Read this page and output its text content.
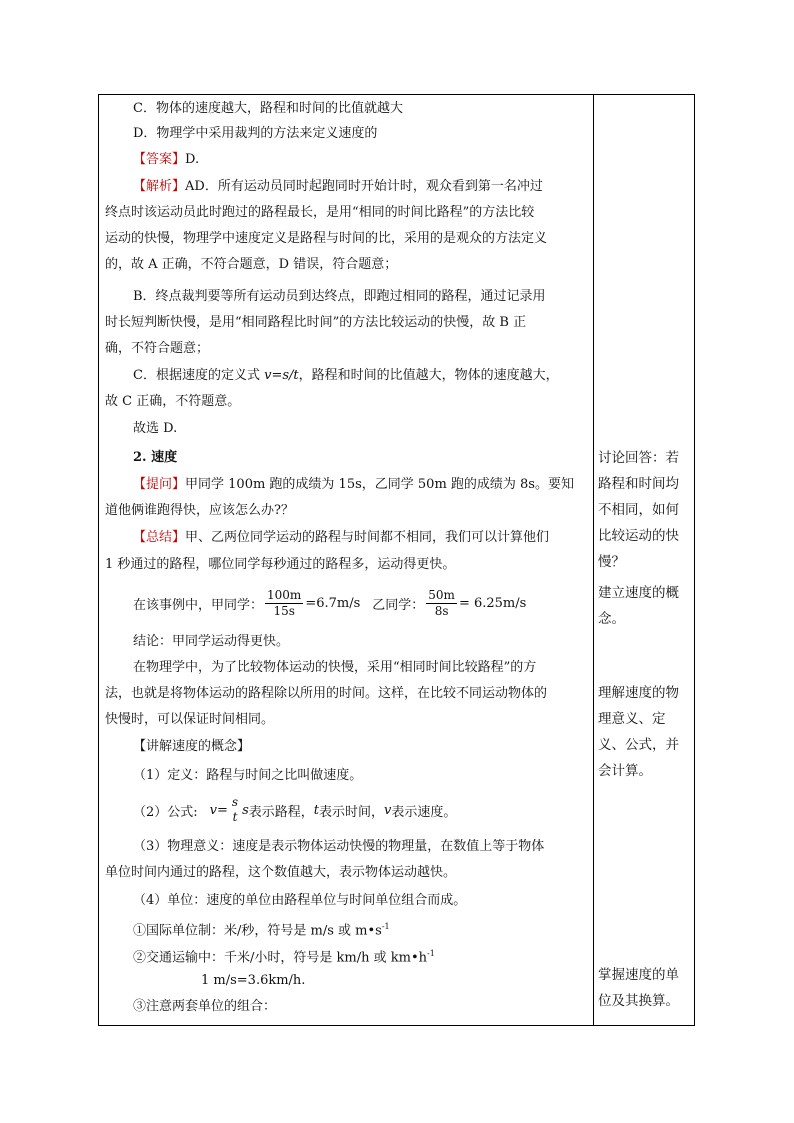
C．物体的速度越大，路程和时间的比值就越大
D．物理学中采用裁判的方法来定义速度的
【答案】D.
【解析】AD．所有运动员同时起跑同时开始计时，观众看到第一名冲过
终点时该运动员此时跑过的路程最长，是用“相同的时间比路程”的方法比较
运动的快慢，物理学中速度定义是路程与时间的比，采用的是观众的方法定义
的，故 A 正确，不符合题意，D 错误，符合题意；
B．终点裁判要等所有运动员到达终点，即跑过相同的路程，通过记录用
时长短判断快慢，是用“相同路程比时间”的方法比较运动的快慢，故 B 正
确，不符合题意；
C．根据速度的定义式 v=s/t，路程和时间的比值越大，物体的速度越大，
故 C 正确，不符题意。
故选 D.
2. 速度
【提问】甲同学 100m 跑的成绩为 15s，乙同学 50m 跑的成绩为 8s。要知
道他俩谁跑得快，应该怎么办?？
【总结】甲、乙两位同学运动的路程与时间都不相同，我们可以计算他们
1 秒通过的路程，哪位同学每秒通过的路程多，运动得更快。
在该事例中，甲同学： $\frac{100m}{15s} =6.7m/s$ 乙同学： $\frac{50m}{8s} = 6.25m/s$
结论：甲同学运动得更快。
在物理学中，为了比较物体运动的快慢，采用“相同时间比较路程”的方
法，也就是将物体运动的路程除以所用的时间。这样，在比较不同运动物体的
快慢时，可以保证时间相同。
【讲解速度的概念】
（1）定义：路程与时间之比叫做速度。
（2）公式: v=
s
t s 表示路程， t 表示时间， v 表示速度。
（3）物理意义：速度是表示物体运动快慢的物理量，在数值上等于物体
单位时间内通过的路程，这个数值越大，表示物体运动越快。
（4）单位：速度的单位由路程单位与时间单位组合而成。
①国际单位制：米/秒，符号是 m/s 或 $m•s^{-1}$
②交通运输中：千米/小时，符号是 km/h 或 $km•h^{-1}$
1 m/s=3.6km/h.
③注意两套单位的组合：
讨论回答：若
路程和时间均
不相同，如何
比较运动的快
慢？
建立速度的概
念。
理解速度的物
理意义、定
义、公式，并
会计算。
掌握速度的单
位及其换算。
